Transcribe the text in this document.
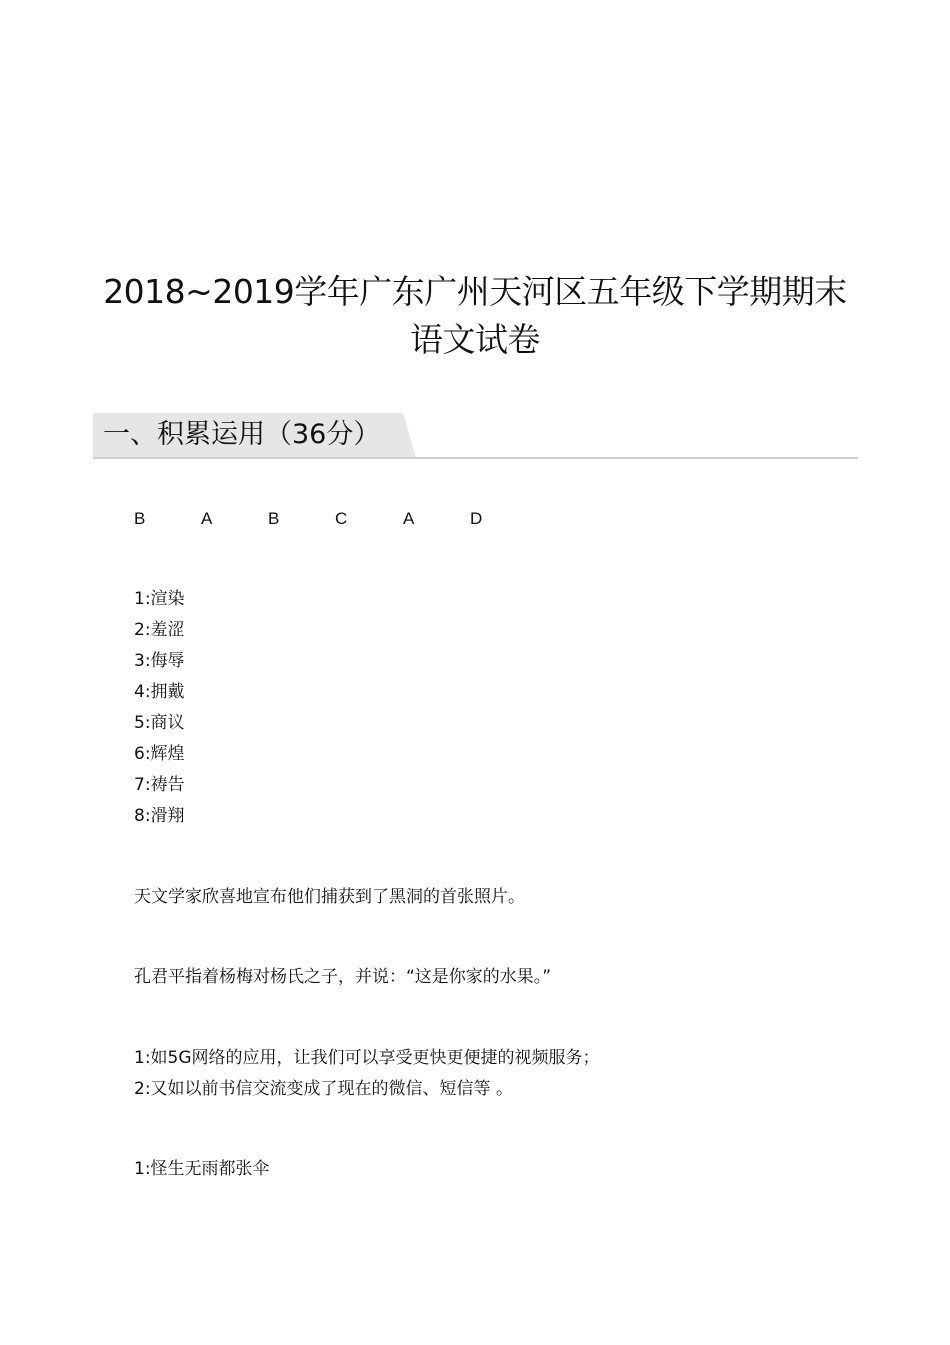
2018~2019学年广东广州天河区五年级下学期期末
语文试卷
一、积累运用（36分）
B	A	B	C	A	D
1:渲染
2:羞涩
3:侮辱
4:拥戴
5:商议
6:辉煌
7:祷告
8:滑翔
天文学家欣喜地宣布他们捕获到了黑洞的首张照片。
孔君平指着杨梅对杨氏之子，并说：“这是你家的水果。”
1:如5G网络的应用，让我们可以享受更快更便捷的视频服务；
2:又如以前书信交流变成了现在的微信、短信等 。
1:怪生无雨都张伞
